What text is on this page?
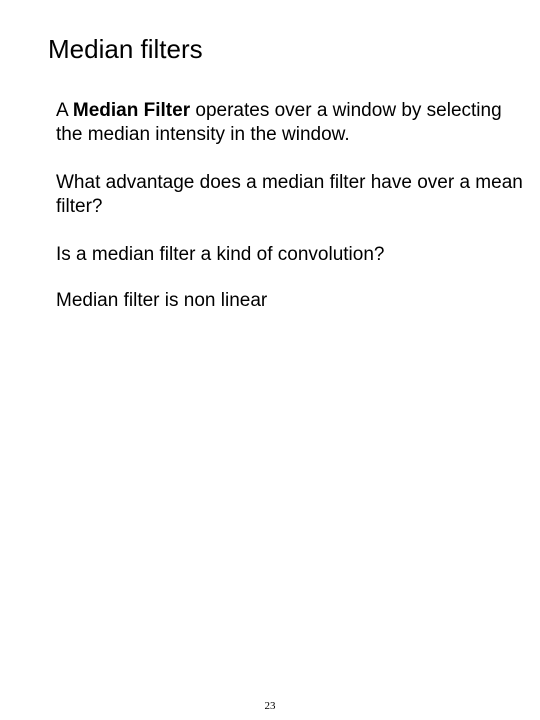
Median filters

A Median Filter operates over a window by selecting the median intensity in the window.

What advantage does a median filter have over a mean filter?

Is a median filter a kind of convolution?

Median filter is non linear

23
